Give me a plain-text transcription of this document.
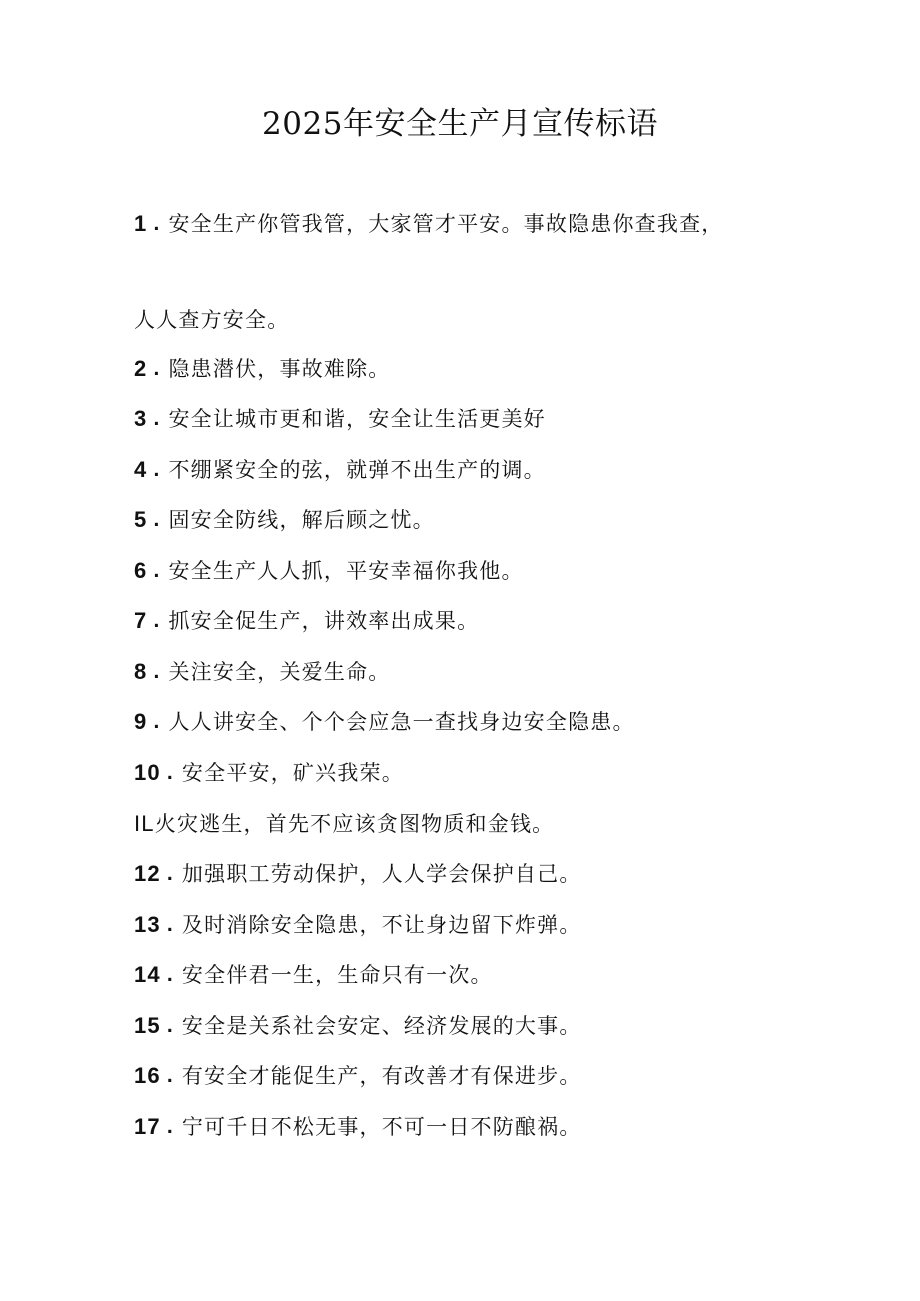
2025年安全生产月宣传标语
1 . 安全生产你管我管，大家管才平安。事故隐患你查我查，
人人查方安全。
2 . 隐患潜伏，事故难除。
3 . 安全让城市更和谐，安全让生活更美好
4 . 不绷紧安全的弦，就弹不出生产的调。
5 . 固安全防线，解后顾之忧。
6 . 安全生产人人抓，平安幸福你我他。
7 . 抓安全促生产，讲效率出成果。
8 . 关注安全，关爱生命。
9 . 人人讲安全、个个会应急一查找身边安全隐患。
10 . 安全平安，矿兴我荣。
IL 火灾逃生，首先不应该贪图物质和金钱。
12 . 加强职工劳动保护，人人学会保护自己。
13 . 及时消除安全隐患，不让身边留下炸弹。
14 . 安全伴君一生，生命只有一次。
15 . 安全是关系社会安定、经济发展的大事。
16 . 有安全才能促生产，有改善才有保进步。
17 . 宁可千日不松无事，不可一日不防酿祸。
